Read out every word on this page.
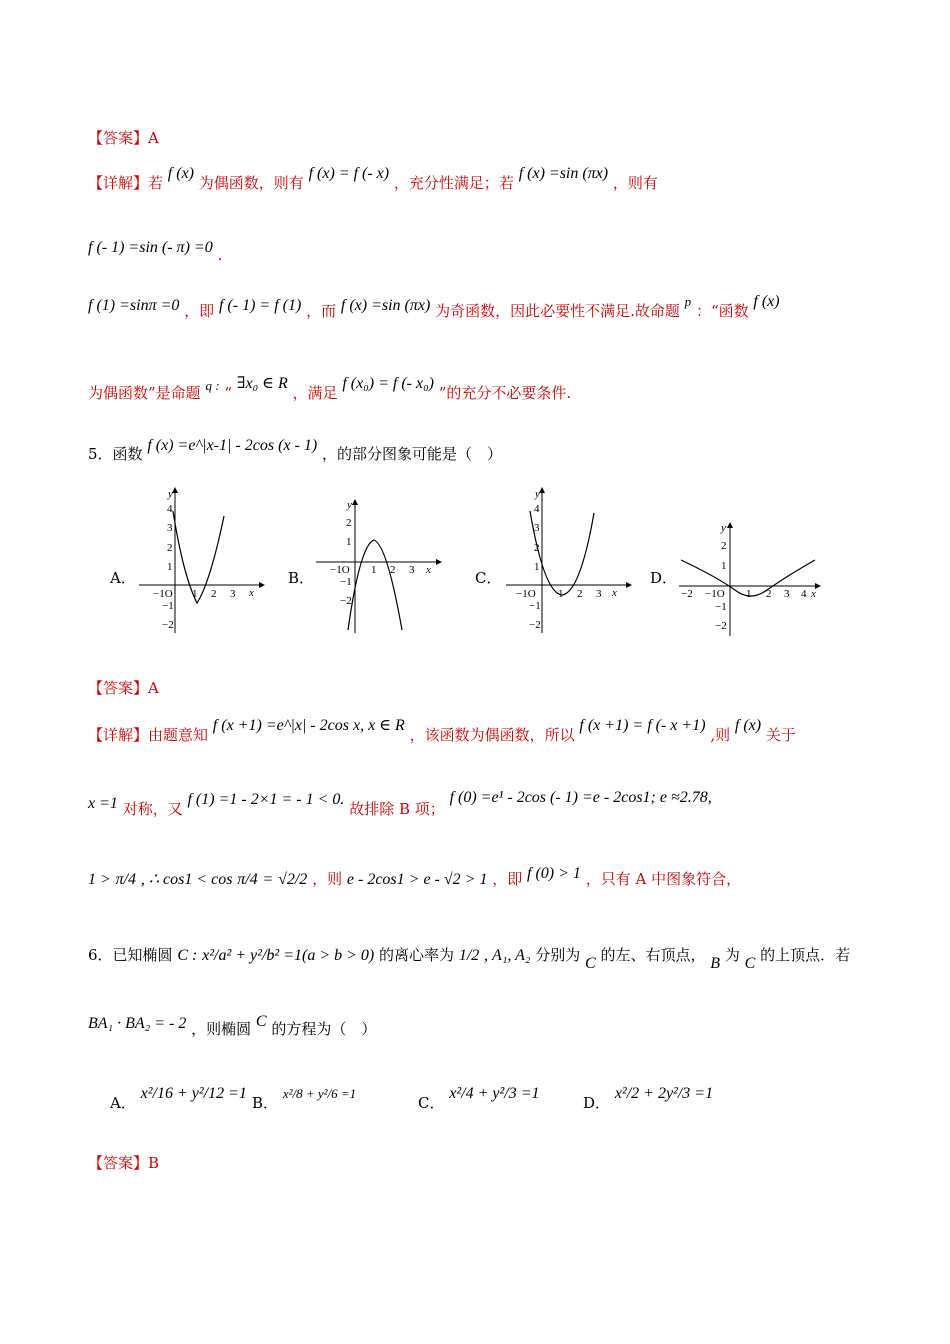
【答案】A
【详解】若 f (x) 为偶函数，则有 f (x) = f (- x) ，充分性满足；若 f (x) =sin (πx) ，则有
f (- 1) =sin (- π) =0 .
f (1) =sinπ =0 ，即 f (- 1) = f (1) ，而 f (x) =sin (πx) 为奇函数，因此必要性不满足.故命题 p ：“函数 f (x)
为偶函数”是命题 q : “ ∃x₀ ∈ R ，满足 f (x₀) = f (- x₀) ”的充分不必要条件.
5．函数 f (x) =e^|x-1| - 2cos (x - 1) ，的部分图象可能是（　）
A．	B．	C．	D．
y
x
−1O 1 2 3
1
2
3
4
−1
−2
y
x
−1O 1 2 3
1
2
−1
−2
y
x
−1O 1 2 3
1
2
3
4
−1
−2
y
x
−2 −1O 1 2 3 4
1
2
−1
−2
【答案】A
【详解】由题意知 f (x +1) =e^|x| - 2cos x, x ∈ R ，该函数为偶函数，所以 f (x +1) = f (- x +1) ,则 f (x) 关于
x =1 对称，又 f (1) =1 - 2×1 = - 1 < 0. 故排除 B 项； f (0) =e¹ - 2cos (- 1) =e - 2cos1; e ≈2.78,
1 > π/4 , ∴ cos1 < cos π/4 = √2/2 ，则 e - 2cos1 > e - √2 > 1 ，即 f (0) > 1 ，只有 A 中图象符合，
6．已知椭圆 C : x²/a² + y²/b² =1(a > b > 0) 的离心率为 1/2 , A₁, A₂ 分别为 C 的左、右顶点， B 为 C 的上顶点．若
BA₁ · BA₂ = - 2 ，则椭圆 C 的方程为（　）
A． x²/16 + y²/12 =1
B． x²/8 + y²/6 =1
C． x²/4 + y²/3 =1
D． x²/2 + 2y²/3 =1
【答案】B
